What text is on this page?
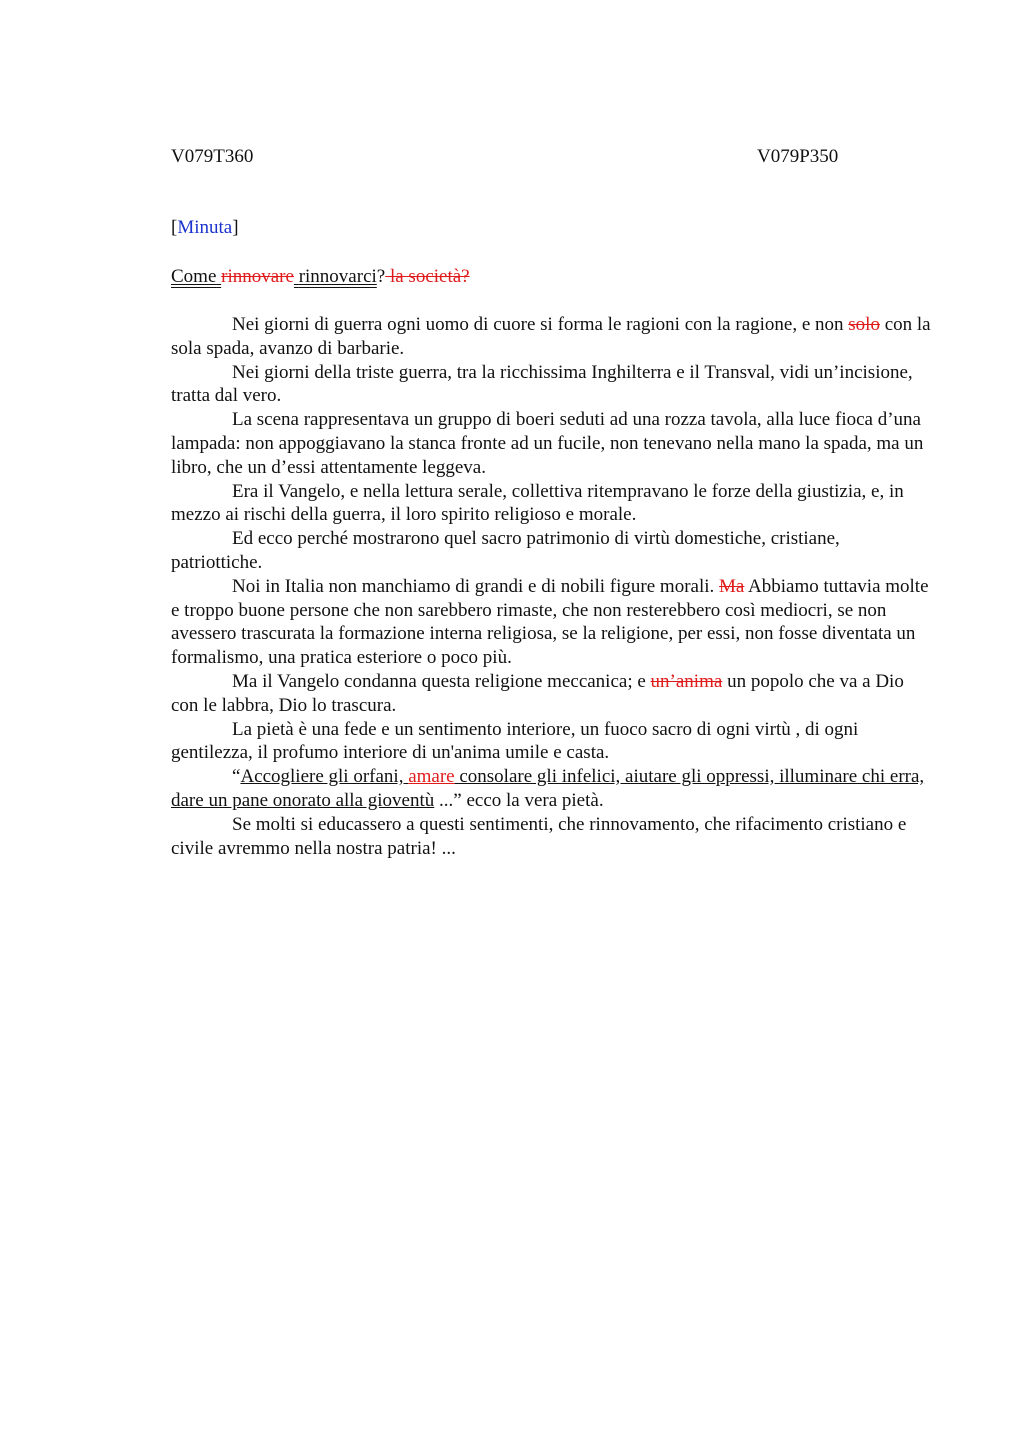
V079T360	V079P350
[Minuta]
Come rinnovare rinnovarci? la società?

Nei giorni di guerra ogni uomo di cuore si forma le ragioni con la ragione, e non solo con la sola spada, avanzo di barbarie.

Nei giorni della triste guerra, tra la ricchissima Inghilterra e il Transval, vidi un’incisione, tratta dal vero.

La scena rappresentava un gruppo di boeri seduti ad una rozza tavola, alla luce fioca d’una lampada: non appoggiavano la stanca fronte ad un fucile, non tenevano nella mano la spada, ma un libro, che un d’essi attentamente leggeva.

Era il Vangelo, e nella lettura serale, collettiva ritempravano le forze della giustizia, e, in mezzo ai rischi della guerra, il loro spirito religioso e morale.

Ed ecco perché mostrarono quel sacro patrimonio di virtù domestiche, cristiane, patriottiche.

Noi in Italia non manchiamo di grandi e di nobili figure morali. Ma Abbiamo tuttavia molte e troppo buone persone che non sarebbero rimaste, che non resterebbero così mediocri, se non avessero trascurata la formazione interna religiosa, se la religione, per essi, non fosse diventata un formalismo, una pratica esteriore o poco più.

Ma il Vangelo condanna questa religione meccanica; e un’anima un popolo che va a Dio con le labbra, Dio lo trascura.

La pietà è una fede e un sentimento interiore, un fuoco sacro di ogni virtù , di ogni gentilezza, il profumo interiore di un'anima umile e casta.

“Accogliere gli orfani, amare consolare gli infelici, aiutare gli oppressi, illuminare chi erra, dare un pane onorato alla gioventù ...” ecco la vera pietà.

Se molti si educassero a questi sentimenti, che rinnovamento, che rifacimento cristiano e civile avremmo nella nostra patria! ...
